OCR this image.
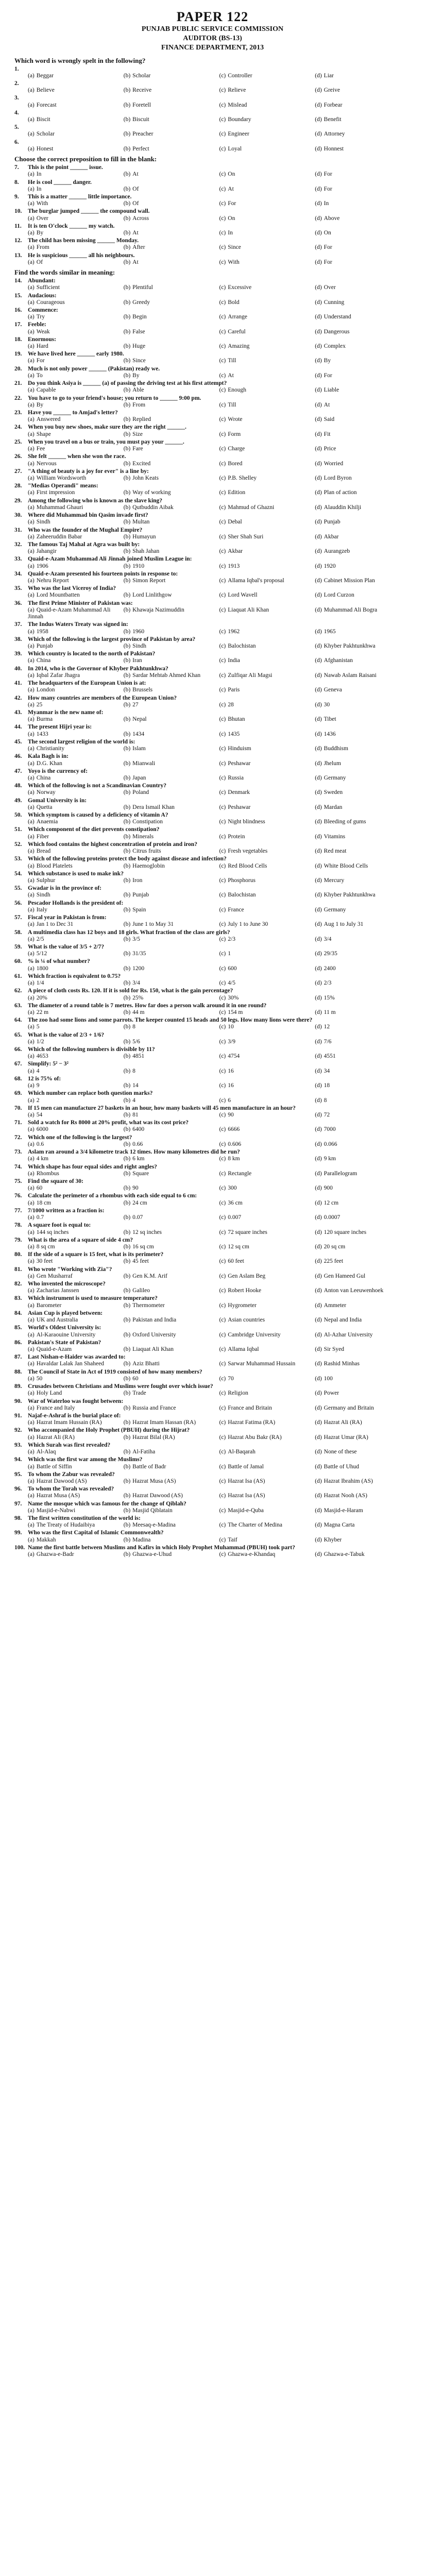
PAPER 122
PUNJAB PUBLIC SERVICE COMMISSION
AUDITOR (BS-13)
FINANCE DEPARTMENT, 2013
Which word is wrongly spelt in the following?
1.
(a) Beggar	(b) Scholar	(c) Controller	(d) Liar
2.
(a) Believe	(b) Receive	(c) Relieve	(d) Greive
3.
(a) Forecast	(b) Foretell	(c) Mislead	(d) Forbear
4.
(a) Biscit	(b) Biscuit	(c) Boundary	(d) Benefit
5.
(a) Scholar	(b) Preacher	(c) Engineer	(d) Attorney
6.
(a) Honest	(b) Perfect	(c) Loyal	(d) Honnest
Choose the correct preposition to fill in the blank:
7.	This is the point ______ issue.
(a) In	(b) At	(c) On	(d) For
8.	He is cool ______ danger.
(a) In	(b) Of	(c) At	(d) For
9.	This is a matter ______ little importance.
(a) With	(b) Of	(c) For	(d) In
10.	The burglar jumped ______ the compound wall.
(a) Over	(b) Across	(c) On	(d) Above
11.	It is ten O'clock ______ my watch.
(a) By	(b) At	(c) In	(d) On
12.	The child has been missing ______ Monday.
(a) From	(b) After	(c) Since	(d) For
13.	He is suspicious ______ all his neighbours.
(a) Of	(b) At	(c) With	(d) For
Find the words similar in meaning:
14.	Abundant:
(a) Sufficient	(b) Plentiful	(c) Excessive	(d) Over
15.	Audacious:
(a) Courageous	(b) Greedy	(c) Bold	(d) Cunning
16.	Commence:
(a) Try	(b) Begin	(c) Arrange	(d) Understand
17.	Feeble:
(a) Weak	(b) False	(c) Careful	(d) Dangerous
18.	Enormous:
(a) Hard	(b) Huge	(c) Amazing	(d) Complex
19.	We have lived here ______ early 1980.
(a) For	(b) Since	(c) Till	(d) By
20.	Much is not only power ______ (Pakistan) ready we.
(a) To	(b) By	(c) At	(d) For
21.	Do you think Asiya is ______ (a) of passing the driving test at his first attempt?
(a) Capable	(b) Able	(c) Enough	(d) Liable
22.	You have to go to your friend's house; you return to ______ 9:00 pm.
(a) By	(b) From	(c) Till	(d) At
23.	Have you ______ to Amjad's letter?
(a) Answered	(b) Replied	(c) Wrote	(d) Said
24.	When you buy new shoes, make sure they are the right ______.
(a) Shape	(b) Size	(c) Form	(d) Fit
25.	When you travel on a bus or train, you must pay your ______.
(a) Fee	(b) Fare	(c) Charge	(d) Price
26.	She felt ______ when she won the race.
(a) Nervous	(b) Excited	(c) Bored	(d) Worried
27.	"A thing of beauty is a joy for ever" is a line by:
(a) William Wordsworth	(b) John Keats	(c) P.B. Shelley	(d) Lord Byron
28.	"Medias Operandi" means:
(a) First impression	(b) Way of working	(c) Edition	(d) Plan of action
29.	Among the following who is known as the slave king?
(a) Muhammad Ghauri	(b) Qutbuddin Aibak	(c) Mahmud of Ghazni	(d) Alauddin Khilji
30.	Where did Muhammad bin Qasim invade first?
(a) Sindh	(b) Multan	(c) Debal	(d) Punjab
31.	Who was the founder of the Mughal Empire?
(a) Zaheeruddin Babar	(b) Humayun	(c) Sher Shah Suri	(d) Akbar
32.	The famous Taj Mahal at Agra was built by:
(a) Jahangir	(b) Shah Jahan	(c) Akbar	(d) Aurangzeb
33.	Quaid-e-Azam Muhammad Ali Jinnah joined Muslim League in:
(a) 1906	(b) 1910	(c) 1913	(d) 1920
34.	Quaid-e-Azam presented his fourteen points in response to:
(a) Nehru Report	(b) Simon Report	(c) Allama Iqbal's proposal	(d) Cabinet Mission Plan
35.	Who was the last Viceroy of India?
(a) Lord Mountbatten	(b) Lord Linlithgow	(c) Lord Wavell	(d) Lord Curzon
36.	The first Prime Minister of Pakistan was:
(a) Quaid-e-Azam Muhammad Ali Jinnah
(b) Khawaja Nazimuddin	(c) Liaquat Ali Khan	(d) Muhammad Ali Bogra
37.	The Indus Waters Treaty was signed in:
(a) 1958	(b) 1960	(c) 1962	(d) 1965
38.	Which of the following is the largest province of Pakistan by area?
(a) Punjab	(b) Sindh	(c) Balochistan	(d) Khyber Pakhtunkhwa
39.	Which country is located to the north of Pakistan?
(a) China	(b) Iran	(c) India	(d) Afghanistan
40.	In 2014, who is the Governor of Khyber Pakhtunkhwa?
(a) Iqbal Zafar Jhagra	(b) Sardar Mehtab Ahmed Khan	(c) Zulfiqar Ali Magsi	(d) Nawab Aslam Raisani
41.	The headquarters of the European Union is at:
(a) London	(b) Brussels	(c) Paris	(d) Geneva
42.	How many countries are members of the European Union?
(a) 25	(b) 27	(c) 28	(d) 30
43.	Myanmar is the new name of:
(a) Burma	(b) Nepal	(c) Bhutan	(d) Tibet
44.	The present Hijri year is:
(a) 1433	(b) 1434	(c) 1435	(d) 1436
45.	The second largest religion of the world is:
(a) Christianity	(b) Islam	(c) Hinduism	(d) Buddhism
46.	Kala Bagh is in:
(a) D.G. Khan	(b) Mianwali	(c) Peshawar	(d) Jhelum
47.	Yoyo is the currency of:
(a) China	(b) Japan	(c) Russia	(d) Germany
48.	Which of the following is not a Scandinavian Country?
(a) Norway	(b) Poland	(c) Denmark	(d) Sweden
49.	Gomal University is in:
(a) Quetta	(b) Dera Ismail Khan	(c) Peshawar	(d) Mardan
50.	Which symptom is caused by a deficiency of vitamin A?
(a) Anaemia	(b) Constipation	(c) Night blindness	(d) Bleeding of gums
51.	Which component of the diet prevents constipation?
(a) Fiber	(b) Minerals	(c) Protein	(d) Vitamins
52.	Which food contains the highest concentration of protein and iron?
(a) Bread	(b) Citrus fruits	(c) Fresh vegetables	(d) Red meat
53.	Which of the following proteins protect the body against disease and infection?
(a) Blood Platelets	(b) Haemoglobin	(c) Red Blood Cells	(d) White Blood Cells
54.	Which substance is used to make ink?
(a) Sulphur	(b) Iron	(c) Phosphorus	(d) Mercury
55.	Gwadar is in the province of:
(a) Sindh	(b) Punjab	(c) Balochistan	(d) Khyber Pakhtunkhwa
56.	Pescador Hollands is the president of:
(a) Italy	(b) Spain	(c) France	(d) Germany
57.	Fiscal year in Pakistan is from:
(a) Jan 1 to Dec 31	(b) June 1 to May 31	(c) July 1 to June 30	(d) Aug 1 to July 31
58.	A multimedia class has 12 boys and 18 girls. What fraction of the class are girls?
(a) 2/5	(b) 3/5	(c) 2/3	(d) 3/4
59.	What is the value of 3/5 + 2/7?
(a) 5/12	(b) 31/35	(c) 1	(d) 29/35
60.	% is ¼ of what number?
(a) 1800	(b) 1200	(c) 600	(d) 2400
61.	Which fraction is equivalent to 0.75?
(a) 1/4	(b) 3/4	(c) 4/5	(d) 2/3
62.	A piece of cloth costs Rs. 120. If it is sold for Rs. 150, what is the gain percentage?
(a) 20%	(b) 25%	(c) 30%	(d) 15%
63.	The diameter of a round table is 7 metres. How far does a person walk around it in one round?
(a) 22 m	(b) 44 m	(c) 154 m	(d) 11 m
64.	The zoo had some lions and some parrots. The keeper counted 15 heads and 50 legs. How many lions were there?
(a) 5	(b) 8	(c) 10	(d) 12
65.	What is the value of 2/3 + 1/6?
(a) 1/2	(b) 5/6	(c) 3/9	(d) 7/6
66.	Which of the following numbers is divisible by 11?
(a) 4653	(b) 4851	(c) 4754	(d) 4551
67.	Simplify: 5² − 3²
(a) 4	(b) 8	(c) 16	(d) 34
68.	12 is 75% of:
(a) 9	(b) 14	(c) 16	(d) 18
69.	Which number can replace both question marks?
(a) 2	(b) 4	(c) 6	(d) 8
70.	If 15 men can manufacture 27 baskets in an hour, how many baskets will 45 men manufacture in an hour?
(a) 54	(b) 81	(c) 90	(d) 72
71.	Sold a watch for Rs 8000 at 20% profit, what was its cost price?
(a) 6000	(b) 6400	(c) 6666	(d) 7000
72.	Which one of the following is the largest?
(a) 0.6	(b) 0.66	(c) 0.606	(d) 0.066
73.	Aslam ran around a 3/4 kilometre track 12 times. How many kilometres did he run?
(a) 4 km	(b) 6 km	(c) 8 km	(d) 9 km
74.	Which shape has four equal sides and right angles?
(a) Rhombus	(b) Square	(c) Rectangle	(d) Parallelogram
75.	Find the square of 30:
(a) 60	(b) 90	(c) 300	(d) 900
76.	Calculate the perimeter of a rhombus with each side equal to 6 cm:
(a) 18 cm	(b) 24 cm	(c) 36 cm	(d) 12 cm
77.	7/1000 written as a fraction is:
(a) 0.7	(b) 0.07	(c) 0.007	(d) 0.0007
78.	A square foot is equal to:
(a) 144 sq inches	(b) 12 sq inches	(c) 72 square inches	(d) 120 square inches
79.	What is the area of a square of side 4 cm?
(a) 8 sq cm	(b) 16 sq cm	(c) 12 sq cm	(d) 20 sq cm
80.	If the side of a square is 15 feet, what is its perimeter?
(a) 30 feet	(b) 45 feet	(c) 60 feet	(d) 225 feet
81.	Who wrote "Working with Zia"?
(a) Gen Musharraf	(b) Gen K.M. Arif	(c) Gen Aslam Beg	(d) Gen Hameed Gul
82.	Who invented the microscope?
(a) Zacharias Janssen	(b) Galileo	(c) Robert Hooke	(d) Anton van Leeuwenhoek
83.	Which instrument is used to measure temperature?
(a) Barometer	(b) Thermometer	(c) Hygrometer	(d) Ammeter
84.	Asian Cup is played between:
(a) UK and Australia	(b) Pakistan and India	(c) Asian countries	(d) Nepal and India
85.	World's Oldest University is:
(a) Al-Karaouine University	(b) Oxford University	(c) Cambridge University	(d) Al-Azhar University
86.	Pakistan's State of Pakistan?
(a) Quaid-e-Azam	(b) Liaquat Ali Khan	(c) Allama Iqbal	(d) Sir Syed
87.	Last Nishan-e-Haider was awarded to:
(a) Havaldar Lalak Jan Shaheed	(b) Aziz Bhatti	(c) Sarwar Muhammad Hussain	(d) Rashid Minhas
88.	The Council of State in Act of 1919 consisted of how many members?
(a) 50	(b) 60	(c) 70	(d) 100
89.	Crusades between Christians and Muslims were fought over which issue?
(a) Holy Land	(b) Trade	(c) Religion	(d) Power
90.	War of Waterloo was fought between:
(a) France and Italy	(b) Russia and France	(c) France and Britain	(d) Germany and Britain
91.	Najaf-e-Ashraf is the burial place of:
(a) Hazrat Imam Hussain (RA)	(b) Hazrat Imam Hassan (RA)	(c) Hazrat Fatima (RA)	(d) Hazrat Ali (RA)
92.	Who accompanied the Holy Prophet (PBUH) during the Hijrat?
(a) Hazrat Ali (RA)	(b) Hazrat Bilal (RA)	(c) Hazrat Abu Bakr (RA)	(d) Hazrat Umar (RA)
93.	Which Surah was first revealed?
(a) Al-Alaq	(b) Al-Fatiha	(c) Al-Baqarah	(d) None of these
94.	Which was the first war among the Muslims?
(a) Battle of Siffin	(b) Battle of Badr	(c) Battle of Jamal	(d) Battle of Uhud
95.	To whom the Zabur was revealed?
(a) Hazrat Dawood (AS)	(b) Hazrat Musa (AS)	(c) Hazrat Isa (AS)	(d) Hazrat Ibrahim (AS)
96.	To whom the Torah was revealed?
(a) Hazrat Musa (AS)	(b) Hazrat Dawood (AS)	(c) Hazrat Isa (AS)	(d) Hazrat Nooh (AS)
97.	Name the mosque which was famous for the change of Qiblah?
(a) Masjid-e-Nabwi	(b) Masjid Qiblatain	(c) Masjid-e-Quba	(d) Masjid-e-Haram
98.	The first written constitution of the world is:
(a) The Treaty of Hudaibiya	(b) Meesaq-e-Madina	(c) The Charter of Medina	(d) Magna Carta
99.	Who was the first Capital of Islamic Commonwealth?
(a) Makkah	(b) Madina	(c) Taif	(d) Khyber
100. Name the first battle between Muslims and Kafirs in which Holy Prophet Muhammad (PBUH) took part?
(a) Ghazwa-e-Badr	(b) Ghazwa-e-Uhud	(c) Ghazwa-e-Khandaq	(d) Ghazwa-e-Tabuk
